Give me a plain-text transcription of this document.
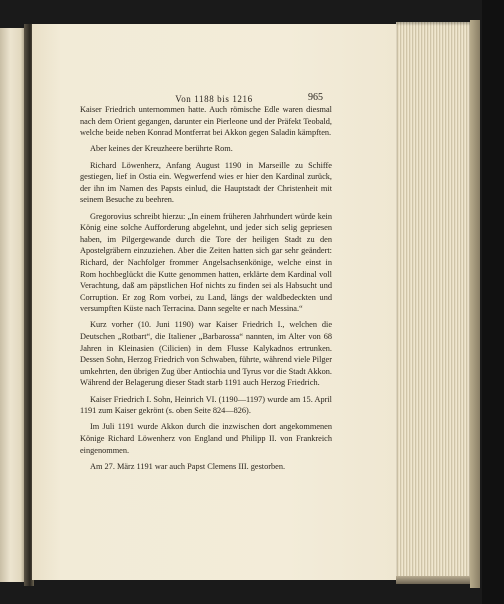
Von 1188 bis 1216	965

Kaiser Friedrich unternommen hatte. Auch römische Edle waren diesmal nach dem Orient gegangen, darunter ein Pierleone und der Präfekt Teobald, welche beide neben Konrad Montferrat bei Akkon gegen Saladin kämpften.

Aber keines der Kreuzheere berührte Rom.

Richard Löwenherz, Anfang August 1190 in Marseille zu Schiffe gestiegen, lief in Ostia ein. Wegwerfend wies er hier den Kardinal zurück, der ihn im Namen des Papsts einlud, die Hauptstadt der Christenheit mit seinem Besuche zu beehren.

Gregorovius schreibt hierzu: „In einem früheren Jahrhundert würde kein König eine solche Aufforderung abgelehnt, und jeder sich selig gepriesen haben, im Pilgergewande durch die Tore der heiligen Stadt zu den Apostelgräbern einzuziehen. Aber die Zeiten hatten sich gar sehr geändert: Richard, der Nachfolger frommer Angelsachsenkönige, welche einst in Rom hochbeglückt die Kutte genommen hatten, erklärte dem Kardinal voll Verachtung, daß am päpstlichen Hof nichts zu finden sei als Habsucht und Corruption. Er zog Rom vorbei, zu Land, längs der waldbedeckten und versumpften Küste nach Terracina. Dann segelte er nach Messina.“

Kurz vorher (10. Juni 1190) war Kaiser Friedrich I., welchen die Deutschen „Rotbart“, die Italiener „Barbarossa“ nannten, im Alter von 68 Jahren in Kleinasien (Cilicien) in dem Flusse Kalykadnos ertrunken. Dessen Sohn, Herzog Friedrich von Schwaben, führte, während viele Pilger umkehrten, den übrigen Zug über Antiochia und Tyrus vor die Stadt Akkon. Während der Belagerung dieser Stadt starb 1191 auch Herzog Friedrich.

Kaiser Friedrich I. Sohn, Heinrich VI. (1190—1197) wurde am 15. April 1191 zum Kaiser gekrönt (s. oben Seite 824—826).

Im Juli 1191 wurde Akkon durch die inzwischen dort angekommenen Könige Richard Löwenherz von England und Philipp II. von Frankreich eingenommen.

Am 27. März 1191 war auch Papst Clemens III. gestorben.
